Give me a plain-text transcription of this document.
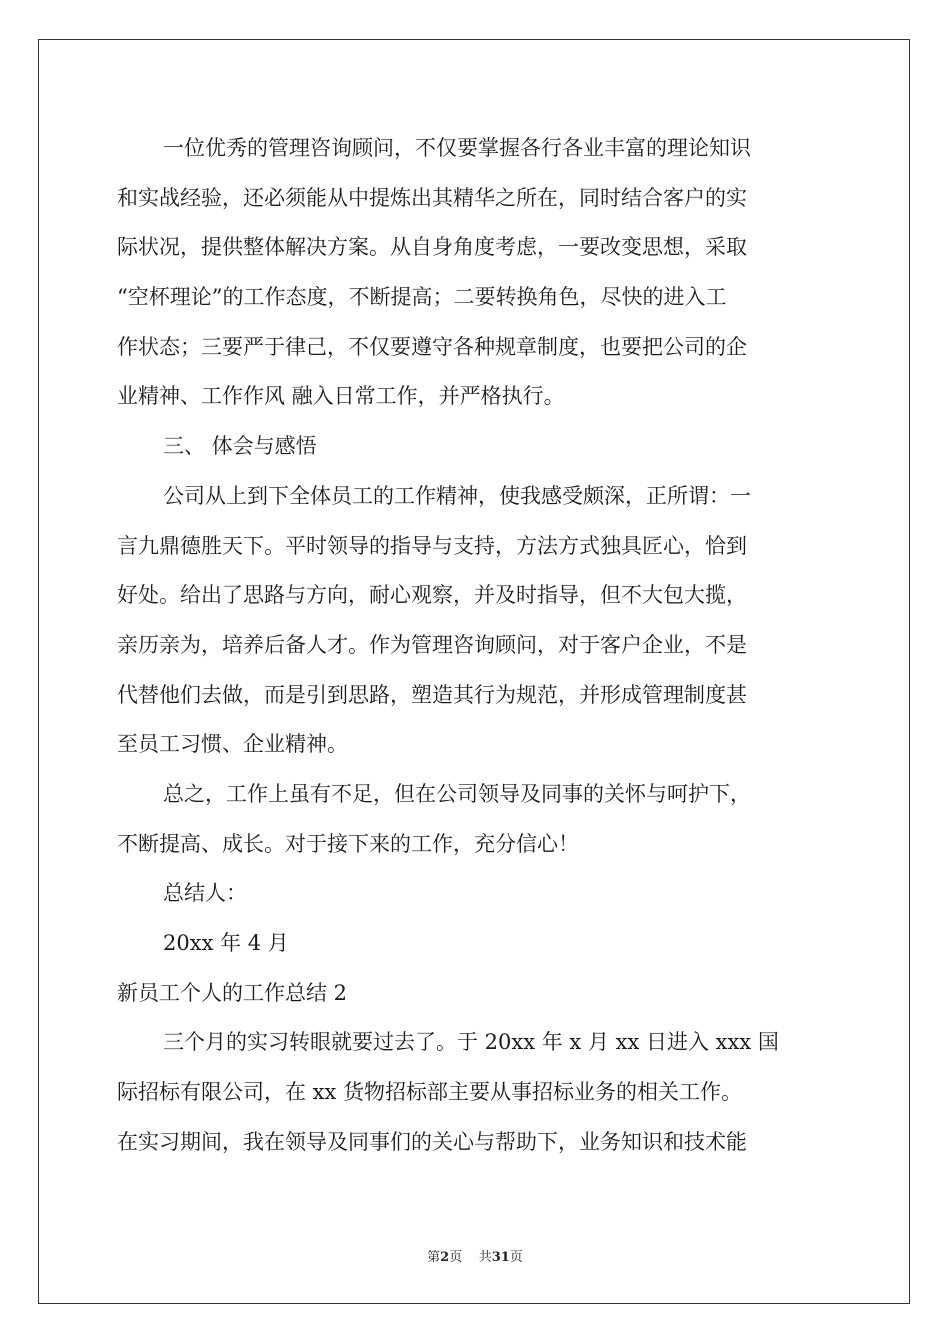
一位优秀的管理咨询顾问，不仅要掌握各行各业丰富的理论知识
和实战经验，还必须能从中提炼出其精华之所在，同时结合客户的实
际状况，提供整体解决方案。从自身角度考虑，一要改变思想，采取
“空杯理论”的工作态度，不断提高；二要转换角色，尽快的进入工
作状态；三要严于律己，不仅要遵守各种规章制度，也要把公司的企
业精神、工作作风 融入日常工作，并严格执行。
三、 体会与感悟
公司从上到下全体员工的工作精神，使我感受颇深，正所谓：一
言九鼎德胜天下。平时领导的指导与支持，方法方式独具匠心，恰到
好处。给出了思路与方向，耐心观察，并及时指导，但不大包大揽，
亲历亲为，培养后备人才。作为管理咨询顾问，对于客户企业，不是
代替他们去做，而是引到思路，塑造其行为规范，并形成管理制度甚
至员工习惯、企业精神。
总之，工作上虽有不足，但在公司领导及同事的关怀与呵护下，
不断提高、成长。对于接下来的工作，充分信心！
总结人：
20xx 年 4 月
新员工个人的工作总结 2
三个月的实习转眼就要过去了。于 20xx 年 x 月 xx 日进入 xxx 国
际招标有限公司，在 xx 货物招标部主要从事招标业务的相关工作。
在实习期间，我在领导及同事们的关心与帮助下，业务知识和技术能
第2页 共31页
